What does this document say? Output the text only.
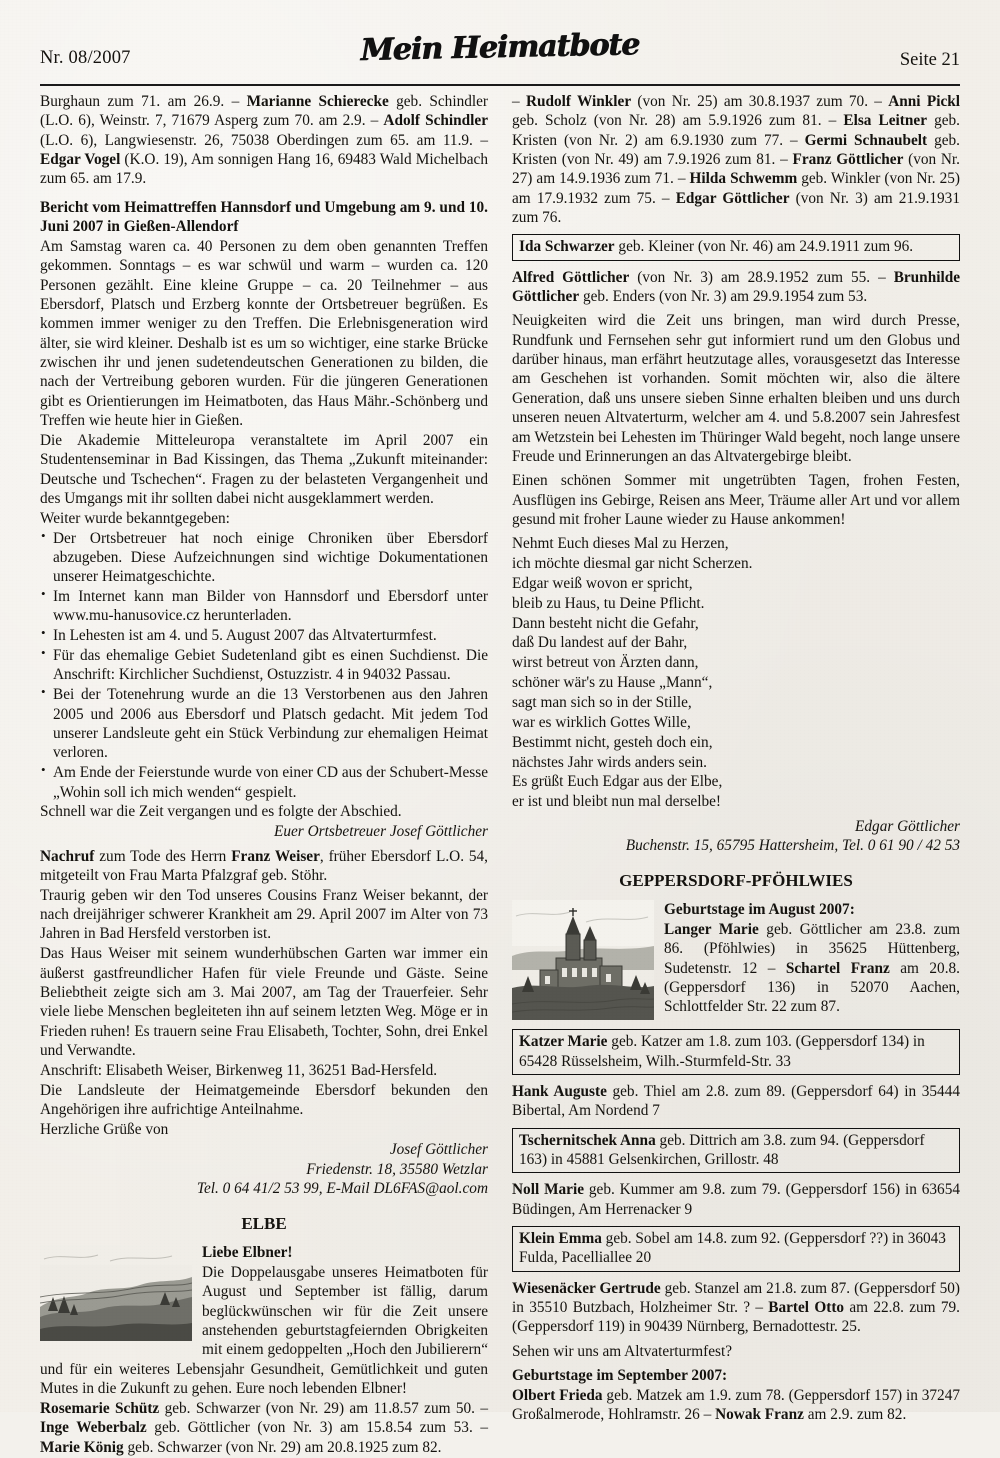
Nr. 08/2007	Mein Heimatbote	Seite 21

Burghaun zum 71. am 26.9. – Marianne Schierecke geb. Schindler (L.O. 6), Weinstr. 7, 71679 Asperg zum 70. am 2.9. – Adolf Schindler (L.O. 6), Langwiesenstr. 26, 75038 Oberdingen zum 65. am 11.9. – Edgar Vogel (K.O. 19), Am sonnigen Hang 16, 69483 Wald Michelbach zum 65. am 17.9.

Bericht vom Heimattreffen Hannsdorf und Umgebung am 9. und 10. Juni 2007 in Gießen-Allendorf

Am Samstag waren ca. 40 Personen zu dem oben genannten Treffen gekommen. Sonntags – es war schwül und warm – wurden ca. 120 Personen gezählt. Eine kleine Gruppe – ca. 20 Teilnehmer – aus Ebersdorf, Platsch und Erzberg konnte der Ortsbetreuer begrüßen. Es kommen immer weniger zu den Treffen. Die Erlebnisgeneration wird älter, sie wird kleiner. Deshalb ist es um so wichtiger, eine starke Brücke zwischen ihr und jenen sudetendeutschen Generationen zu bilden, die nach der Vertreibung geboren wurden. Für die jüngeren Generationen gibt es Orientierungen im Heimatboten, das Haus Mähr.-Schönberg und Treffen wie heute hier in Gießen.

Die Akademie Mitteleuropa veranstaltete im April 2007 ein Studentenseminar in Bad Kissingen, das Thema „Zukunft miteinander: Deutsche und Tschechen“. Fragen zu der belasteten Vergangenheit und des Umgangs mit ihr sollten dabei nicht ausgeklammert werden.

Weiter wurde bekanntgegeben:

• Der Ortsbetreuer hat noch einige Chroniken über Ebersdorf abzugeben. Diese Aufzeichnungen sind wichtige Dokumentationen unserer Heimatgeschichte.
• Im Internet kann man Bilder von Hannsdorf und Ebersdorf unter www.mu-hanusovice.cz herunterladen.
• In Lehesten ist am 4. und 5. August 2007 das Altvaterturmfest.
• Für das ehemalige Gebiet Sudetenland gibt es einen Suchdienst. Die Anschrift: Kirchlicher Suchdienst, Ostuzzistr. 4 in 94032 Passau.
• Bei der Totenehrung wurde an die 13 Verstorbenen aus den Jahren 2005 und 2006 aus Ebersdorf und Platsch gedacht. Mit jedem Tod unserer Landsleute geht ein Stück Verbindung zur ehemaligen Heimat verloren.
• Am Ende der Feierstunde wurde von einer CD aus der Schubert-Messe „Wohin soll ich mich wenden“ gespielt.

Schnell war die Zeit vergangen und es folgte der Abschied.

Euer Ortsbetreuer Josef Göttlicher

Nachruf zum Tode des Herrn Franz Weiser, früher Ebersdorf L.O. 54, mitgeteilt von Frau Marta Pfalzgraf geb. Stöhr.

Traurig geben wir den Tod unseres Cousins Franz Weiser bekannt, der nach dreijähriger schwerer Krankheit am 29. April 2007 im Alter von 73 Jahren in Bad Hersfeld verstorben ist.

Das Haus Weiser mit seinem wunderhübschen Garten war immer ein äußerst gastfreundlicher Hafen für viele Freunde und Gäste. Seine Beliebtheit zeigte sich am 3. Mai 2007, am Tag der Trauerfeier. Sehr viele liebe Menschen begleiteten ihn auf seinem letzten Weg. Möge er in Frieden ruhen! Es trauern seine Frau Elisabeth, Tochter, Sohn, drei Enkel und Verwandte.

Anschrift: Elisabeth Weiser, Birkenweg 11, 36251 Bad-Hersfeld.

Die Landsleute der Heimatgemeinde Ebersdorf bekunden den Angehörigen ihre aufrichtige Anteilnahme.

Herzliche Grüße von

Josef Göttlicher

Friedenstr. 18, 35580 Wetzlar

Tel. 0 64 41/2 53 99, E-Mail DL6FAS@aol.com

ELBE

Liebe Elbner!

Die Doppelausgabe unseres Heimatboten für August und September ist fällig, darum beglückwünschen wir für die Zeit unsere anstehenden geburtstagfeiernden Obrigkeiten mit einem gedoppelten „Hoch den Jubilierern“ und für ein weiteres Lebensjahr Gesundheit, Gemütlichkeit und guten Mutes in die Zukunft zu gehen. Eure noch lebenden Elbner!

Rosemarie Schütz geb. Schwarzer (von Nr. 29) am 11.8.57 zum 50. – Inge Weberbalz geb. Göttlicher (von Nr. 3) am 15.8.54 zum 53. – Marie König geb. Schwarzer (von Nr. 29) am 20.8.1925 zum 82.

– Rudolf Winkler (von Nr. 25) am 30.8.1937 zum 70. – Anni Pickl geb. Scholz (von Nr. 28) am 5.9.1926 zum 81. – Elsa Leitner geb. Kristen (von Nr. 2) am 6.9.1930 zum 77. – Germi Schnaubelt geb. Kristen (von Nr. 49) am 7.9.1926 zum 81. – Franz Göttlicher (von Nr. 27) am 14.9.1936 zum 71. – Hilda Schwemm geb. Winkler (von Nr. 25) am 17.9.1932 zum 75. – Edgar Göttlicher (von Nr. 3) am 21.9.1931 zum 76.

Ida Schwarzer geb. Kleiner (von Nr. 46) am 24.9.1911 zum 96.

Alfred Göttlicher (von Nr. 3) am 28.9.1952 zum 55. – Brunhilde Göttlicher geb. Enders (von Nr. 3) am 29.9.1954 zum 53.

Neuigkeiten wird die Zeit uns bringen, man wird durch Presse, Rundfunk und Fernsehen sehr gut informiert rund um den Globus und darüber hinaus, man erfährt heutzutage alles, vorausgesetzt das Interesse am Geschehen ist vorhanden. Somit möchten wir, also die ältere Generation, daß uns unsere sieben Sinne erhalten bleiben und uns durch unseren neuen Altvaterturm, welcher am 4. und 5.8.2007 sein Jahresfest am Wetzstein bei Lehesten im Thüringer Wald begeht, noch lange unsere Freude und Erinnerungen an das Altvatergebirge bleibt.

Einen schönen Sommer mit ungetrübten Tagen, frohen Festen, Ausflügen ins Gebirge, Reisen ans Meer, Träume aller Art und vor allem gesund mit froher Laune wieder zu Hause ankommen!

Nehmt Euch dieses Mal zu Herzen,

ich möchte diesmal gar nicht Scherzen.

Edgar weiß wovon er spricht,

bleib zu Haus, tu Deine Pflicht.

Dann besteht nicht die Gefahr,

daß Du landest auf der Bahr,

wirst betreut von Ärzten dann,

schöner wär's zu Hause „Mann“,

sagt man sich so in der Stille,

war es wirklich Gottes Wille,

Bestimmt nicht, gesteh doch ein,

nächstes Jahr wirds anders sein.

Es grüßt Euch Edgar aus der Elbe,

er ist und bleibt nun mal derselbe!

Edgar Göttlicher

Buchenstr. 15, 65795 Hattersheim, Tel. 0 61 90 / 42 53

GEPPERSDORF-PFÖHLWIES

Geburtstage im August 2007:

Langer Marie geb. Göttlicher am 23.8. zum 86. (Pföhlwies) in 35625 Hüttenberg, Sudetenstr. 12 – Schartel Franz am 20.8. (Geppersdorf 136) in 52070 Aachen, Schlottfelder Str. 22 zum 87.

Katzer Marie geb. Katzer am 1.8. zum 103. (Geppersdorf 134) in 65428 Rüsselsheim, Wilh.-Sturmfeld-Str. 33

Hank Auguste geb. Thiel am 2.8. zum 89. (Geppersdorf 64) in 35444 Bibertal, Am Nordend 7

Tschernitschek Anna geb. Dittrich am 3.8. zum 94. (Geppersdorf 163) in 45881 Gelsenkirchen, Grillostr. 48

Noll Marie geb. Kummer am 9.8. zum 79. (Geppersdorf 156) in 63654 Büdingen, Am Herrenacker 9

Klein Emma geb. Sobel am 14.8. zum 92. (Geppersdorf ??) in 36043 Fulda, Pacelliallee 20

Wiesenäcker Gertrude geb. Stanzel am 21.8. zum 87. (Geppersdorf 50) in 35510 Butzbach, Holzheimer Str. ? – Bartel Otto am 22.8. zum 79. (Geppersdorf 119) in 90439 Nürnberg, Bernadottestr. 25.

Sehen wir uns am Altvaterturmfest?

Geburtstage im September 2007:

Olbert Frieda geb. Matzek am 1.9. zum 78. (Geppersdorf 157) in 37247 Großalmerode, Hohlramstr. 26 – Nowak Franz am 2.9. zum 82.
